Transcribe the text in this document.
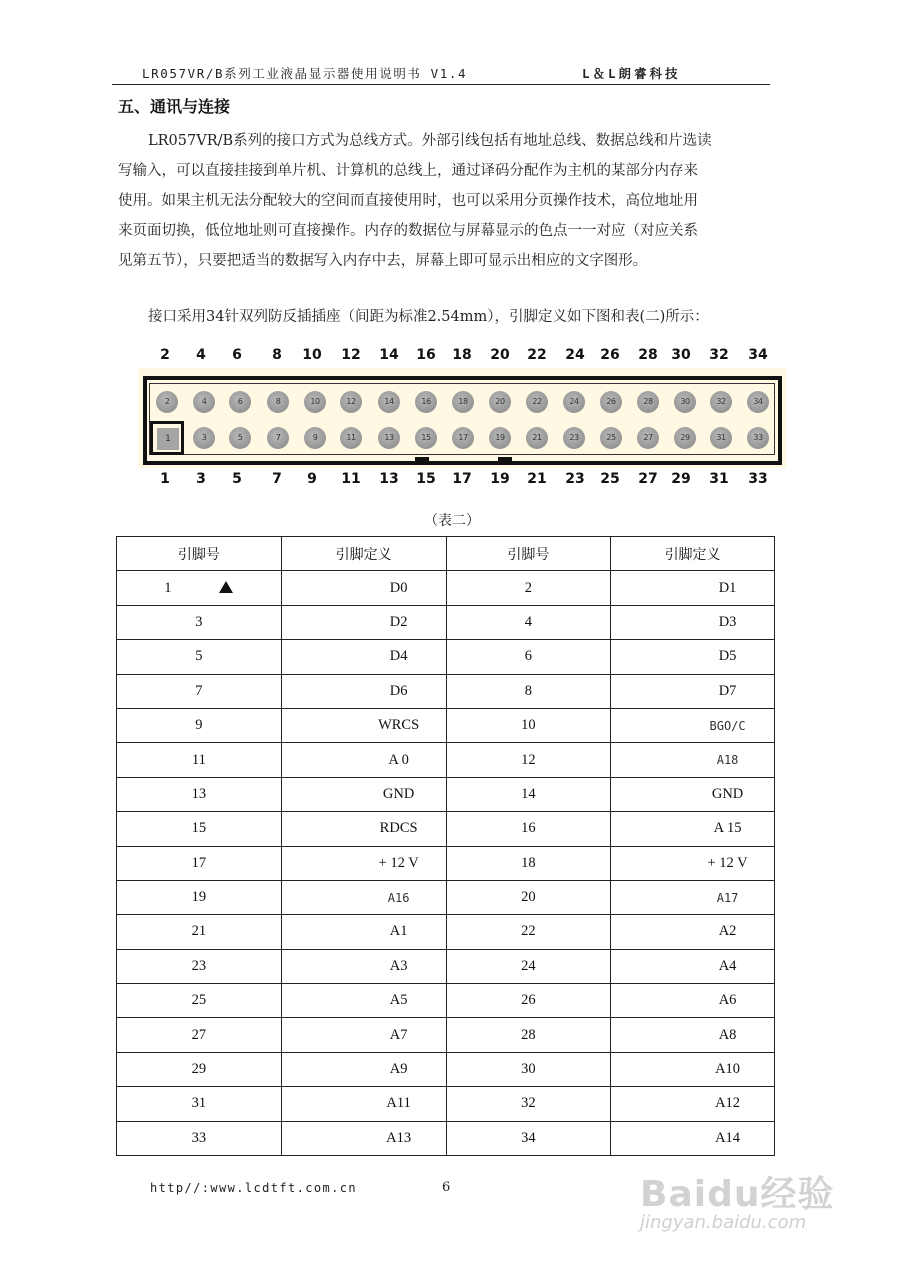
LR057VR/B系列工业液晶显示器使用说明书 V1.4	L＆L朗睿科技
五、通讯与连接
LR057VR/B系列的接口方式为总线方式。外部引线包括有地址总线、数据总线和片选读
写输入，可以直接挂接到单片机、计算机的总线上，通过译码分配作为主机的某部分内存来
使用。如果主机无法分配较大的空间而直接使用时，也可以采用分页操作技术，高位地址用
来页面切换，低位地址则可直接操作。内存的数据位与屏幕显示的色点一一对应（对应关系
见第五节），只要把适当的数据写入内存中去，屏幕上即可显示出相应的文字图形。
接口采用34针双列防反插插座（间距为标准2.54mm），引脚定义如下图和表(二)所示：
2	4	6	8	10	12	14	16	18	20	22	24	26	28 30	32	34
2	4	6	8	10	12	14	16	18	20	22	24	26	28	30	32	34
1	3	5	7	9	11	13	15	17	19	21	23	25	27	29	31	33
1	3	5	7	9	11	13	15	17	19	21	23	25	27 29	31	33
（表二）
引脚号	引脚定义	引脚号	引脚定义
1	D0	2	D1
3	D2	4	D3
5	D4	6	D5
7	D6	8	D7
9	WRCS	10	BGO/C
11	A 0	12	A18
13	GND	14	GND
15	RDCS	16	A 15
17	+ 12 V	18	+ 12 V
19	A16	20	A17
21	A1	22	A2
23	A3	24	A4
25	A5	26	A6
27	A7	28	A8
29	A9	30	A10
31	A11	32	A12
33	A13	34	A14
http//:www.lcdtft.com.cn	6	Baidu经验
jingyan.baidu.com
